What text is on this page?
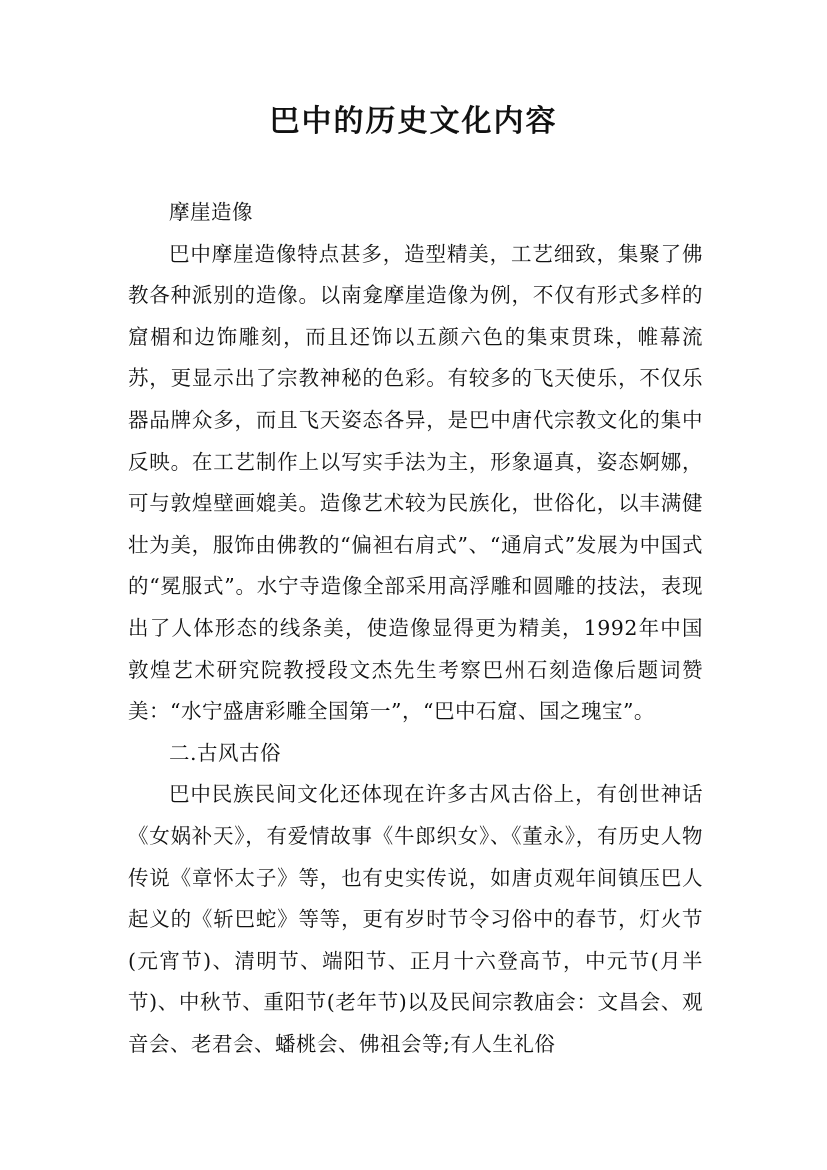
巴中的历史文化内容

摩崖造像

巴中摩崖造像特点甚多，造型精美，工艺细致，集聚了佛教各种派别的造像。以南龛摩崖造像为例，不仅有形式多样的窟楣和边饰雕刻，而且还饰以五颜六色的集束贯珠，帷幕流苏，更显示出了宗教神秘的色彩。有较多的飞天使乐，不仅乐器品牌众多，而且飞天姿态各异，是巴中唐代宗教文化的集中反映。在工艺制作上以写实手法为主，形象逼真，姿态婀娜，可与敦煌壁画媲美。造像艺术较为民族化，世俗化，以丰满健壮为美，服饰由佛教的“偏袒右肩式”、“通肩式”发展为中国式的“冕服式”。水宁寺造像全部采用高浮雕和圆雕的技法，表现出了人体形态的线条美，使造像显得更为精美，1992年中国敦煌艺术研究院教授段文杰先生考察巴州石刻造像后题词赞美：“水宁盛唐彩雕全国第一”，“巴中石窟、国之瑰宝”。

二.古风古俗

巴中民族民间文化还体现在许多古风古俗上，有创世神话《女娲补天》，有爱情故事《牛郎织女》、《董永》，有历史人物传说《章怀太子》等，也有史实传说，如唐贞观年间镇压巴人起义的《斩巴蛇》等等，更有岁时节令习俗中的春节，灯火节(元宵节)、清明节、端阳节、正月十六登高节，中元节(月半节)、中秋节、重阳节(老年节)以及民间宗教庙会：文昌会、观音会、老君会、蟠桃会、佛祖会等;有人生礼俗
